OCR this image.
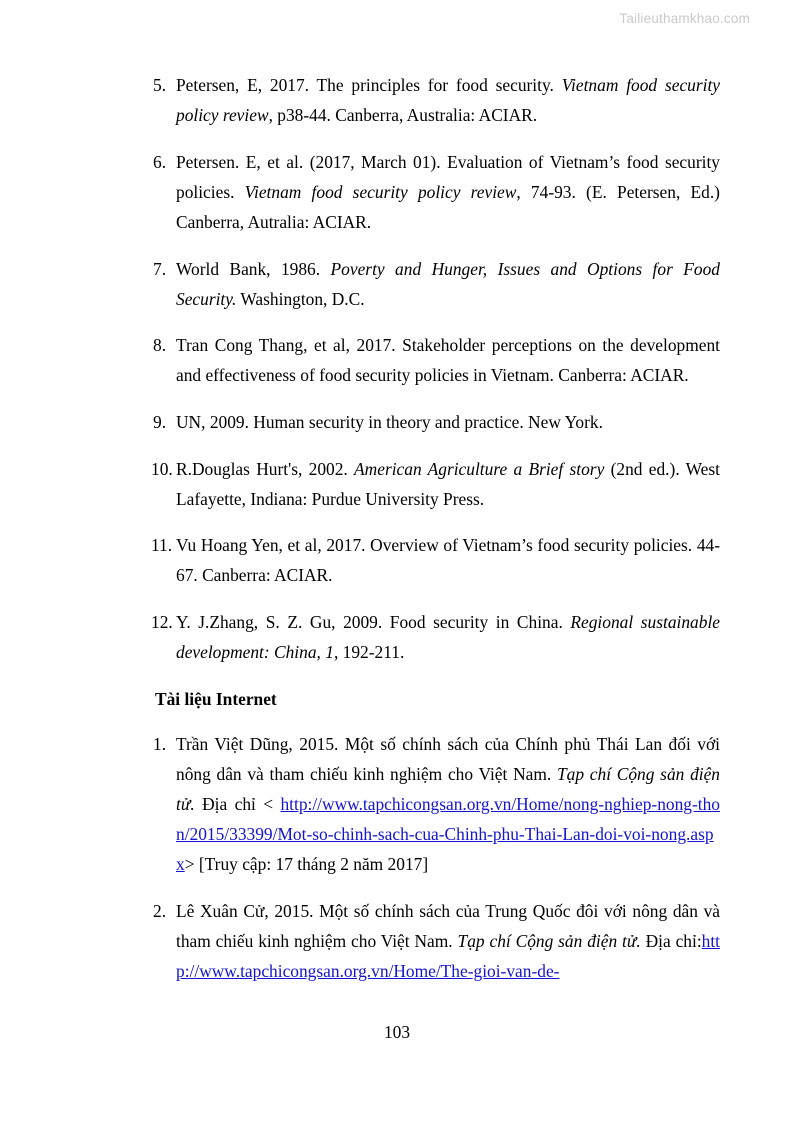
Tailieuthamkhao.com
5. Petersen, E, 2017. The principles for food security. Vietnam food security policy review, p38-44. Canberra, Australia: ACIAR.
6. Petersen. E, et al. (2017, March 01). Evaluation of Vietnam’s food security policies. Vietnam food security policy review, 74-93. (E. Petersen, Ed.) Canberra, Autralia: ACIAR.
7. World Bank, 1986. Poverty and Hunger, Issues and Options for Food Security. Washington, D.C.
8. Tran Cong Thang, et al, 2017. Stakeholder perceptions on the development and effectiveness of food security policies in Vietnam. Canberra: ACIAR.
9. UN, 2009. Human security in theory and practice. New York.
10. R.Douglas Hurt's, 2002. American Agriculture a Brief story (2nd ed.). West Lafayette, Indiana: Purdue University Press.
11. Vu Hoang Yen, et al, 2017. Overview of Vietnam’s food security policies. 44-67. Canberra: ACIAR.
12. Y. J.Zhang, S. Z. Gu, 2009. Food security in China. Regional sustainable development: China, 1, 192-211.
Tài liệu Internet
1. Trần Việt Dũng, 2015. Một số chính sách của Chính phủ Thái Lan đối với nông dân và tham chiếu kinh nghiệm cho Việt Nam. Tạp chí Cộng sản điện tử. Địa chỉ < http://www.tapchicongsan.org.vn/Home/nong-nghiep-nong-thon/2015/33399/Mot-so-chinh-sach-cua-Chinh-phu-Thai-Lan-doi-voi-nong.aspx> [Truy cập: 17 tháng 2 năm 2017]
2. Lê Xuân Cử, 2015. Một số chính sách của Trung Quốc đôi với nông dân và tham chiếu kinh nghiệm cho Việt Nam. Tạp chí Cộng sản điện tử. Địa chỉ:http://www.tapchicongsan.org.vn/Home/The-gioi-van-de-
103
